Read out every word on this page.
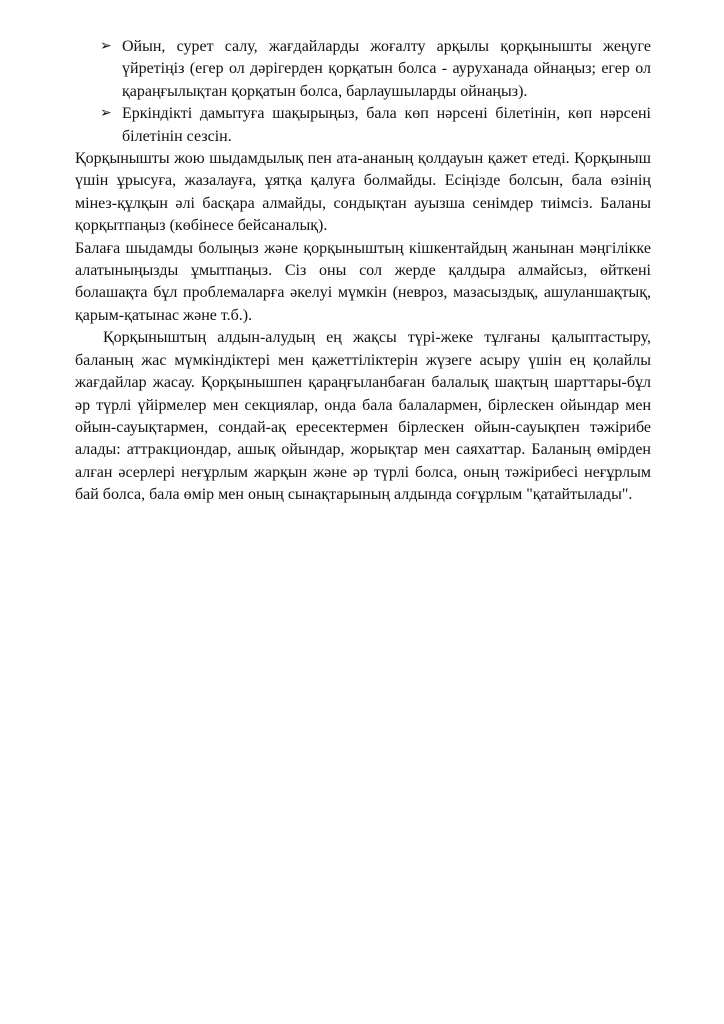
➢ Ойын, сурет салу, жағдайларды жоғалту арқылы қорқынышты жеңуге үйретіңіз (егер ол дәрігерден қорқатын болса - ауруханада ойнаңыз; егер ол қараңғылықтан қорқатын болса, барлаушыларды ойнаңыз).
➢ Еркіндікті дамытуға шақырыңыз, бала көп нәрсені білетінін, көп нәрсені білетінін сезсін.

Қорқынышты жою шыдамдылық пен ата-ананың қолдауын қажет етеді. Қорқыныш үшін ұрысуға, жазалауға, ұятқа қалуға болмайды. Есіңізде болсын, бала өзінің мінез-құлқын әлі басқара алмайды, сондықтан ауызша сенімдер тиімсіз. Баланы қорқытпаңыз (көбінесе бейсаналық).

Балаға шыдамды болыңыз және қорқыныштың кішкентайдың жанынан мәңгілікке алатыныңызды ұмытпаңыз. Сіз оны сол жерде қалдыра алмайсыз, өйткені болашақта бұл проблемаларға әкелуі мүмкін (невроз, мазасыздық, ашуланшақтық, қарым-қатынас және т.б.).

Қорқыныштың алдын-алудың ең жақсы түрі-жеке тұлғаны қалыптастыру, баланың жас мүмкіндіктері мен қажеттіліктерін жүзеге асыру үшін ең қолайлы жағдайлар жасау. Қорқынышпен қараңғыланбаған балалық шақтың шарттары-бұл әр түрлі үйірмелер мен секциялар, онда бала балалармен, бірлескен ойындар мен ойын-сауықтармен, сондай-ақ ересектермен бірлескен ойын-сауықпен тәжірибе алады: аттракциондар, ашық ойындар, жорықтар мен саяхаттар. Баланың өмірден алған әсерлері неғұрлым жарқын және әр түрлі болса, оның тәжірибесі неғұрлым бай болса, бала өмір мен оның сынақтарының алдында соғұрлым "қатайтылады".
